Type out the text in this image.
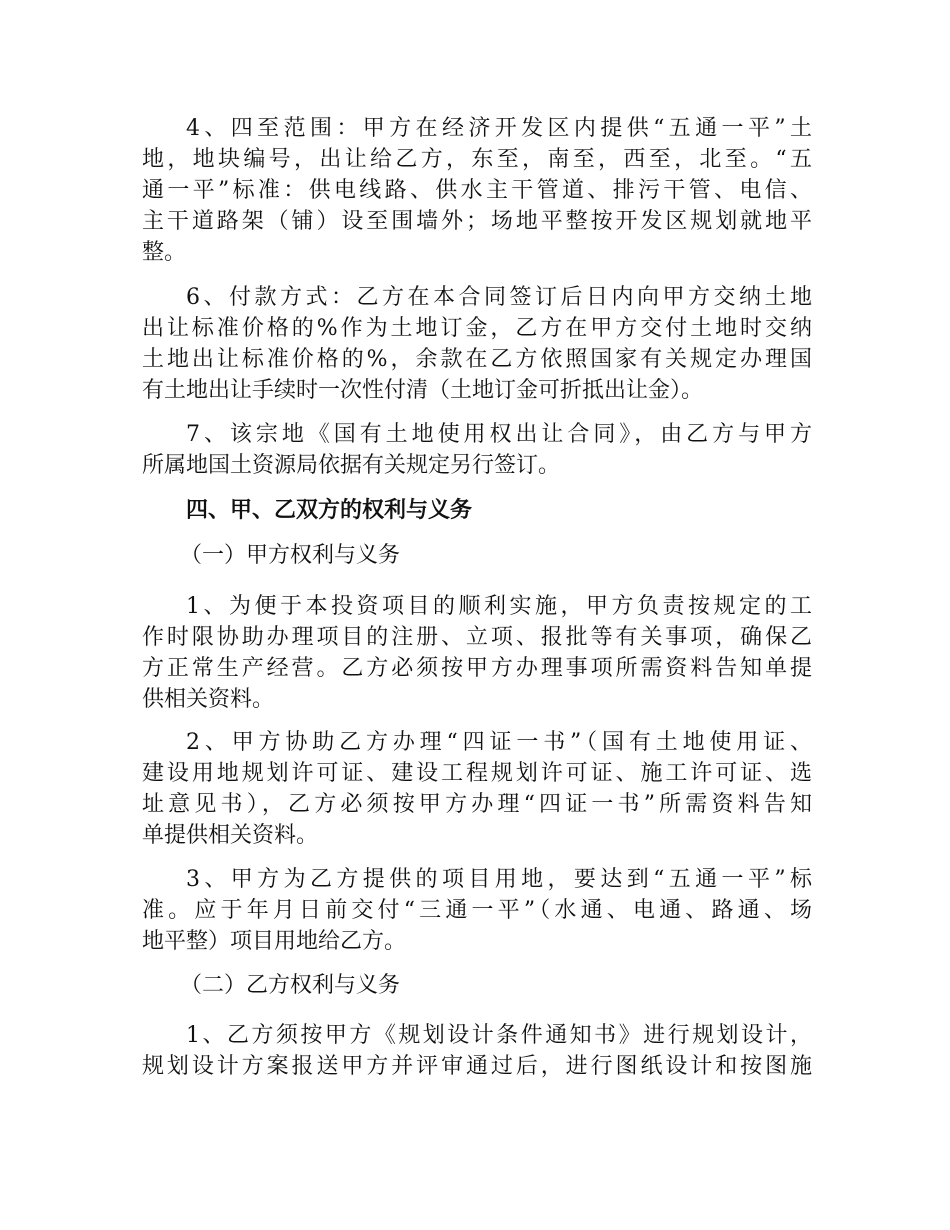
4、四至范围：甲方在经济开发区内提供“五通一平”土
地，地块编号，出让给乙方，东至，南至，西至，北至。“五
通一平”标准：供电线路、供水主干管道、排污干管、电信、
主干道路架（铺）设至围墙外；场地平整按开发区规划就地平
整。
6、付款方式：乙方在本合同签订后日内向甲方交纳土地
出让标准价格的%作为土地订金，乙方在甲方交付土地时交纳
土地出让标准价格的%，余款在乙方依照国家有关规定办理国
有土地出让手续时一次性付清（土地订金可折抵出让金）。
7、该宗地《国有土地使用权出让合同》，由乙方与甲方
所属地国土资源局依据有关规定另行签订。
四、甲、乙双方的权利与义务
（一）甲方权利与义务
1、为便于本投资项目的顺利实施，甲方负责按规定的工
作时限协助办理项目的注册、立项、报批等有关事项，确保乙
方正常生产经营。乙方必须按甲方办理事项所需资料告知单提
供相关资料。
2、甲方协助乙方办理“四证一书”（国有土地使用证、
建设用地规划许可证、建设工程规划许可证、施工许可证、选
址意见书），乙方必须按甲方办理“四证一书”所需资料告知
单提供相关资料。
3、甲方为乙方提供的项目用地，要达到“五通一平”标
准。应于年月日前交付“三通一平”（水通、电通、路通、场
地平整）项目用地给乙方。
（二）乙方权利与义务
1、乙方须按甲方《规划设计条件通知书》进行规划设计，
规划设计方案报送甲方并评审通过后，进行图纸设计和按图施
